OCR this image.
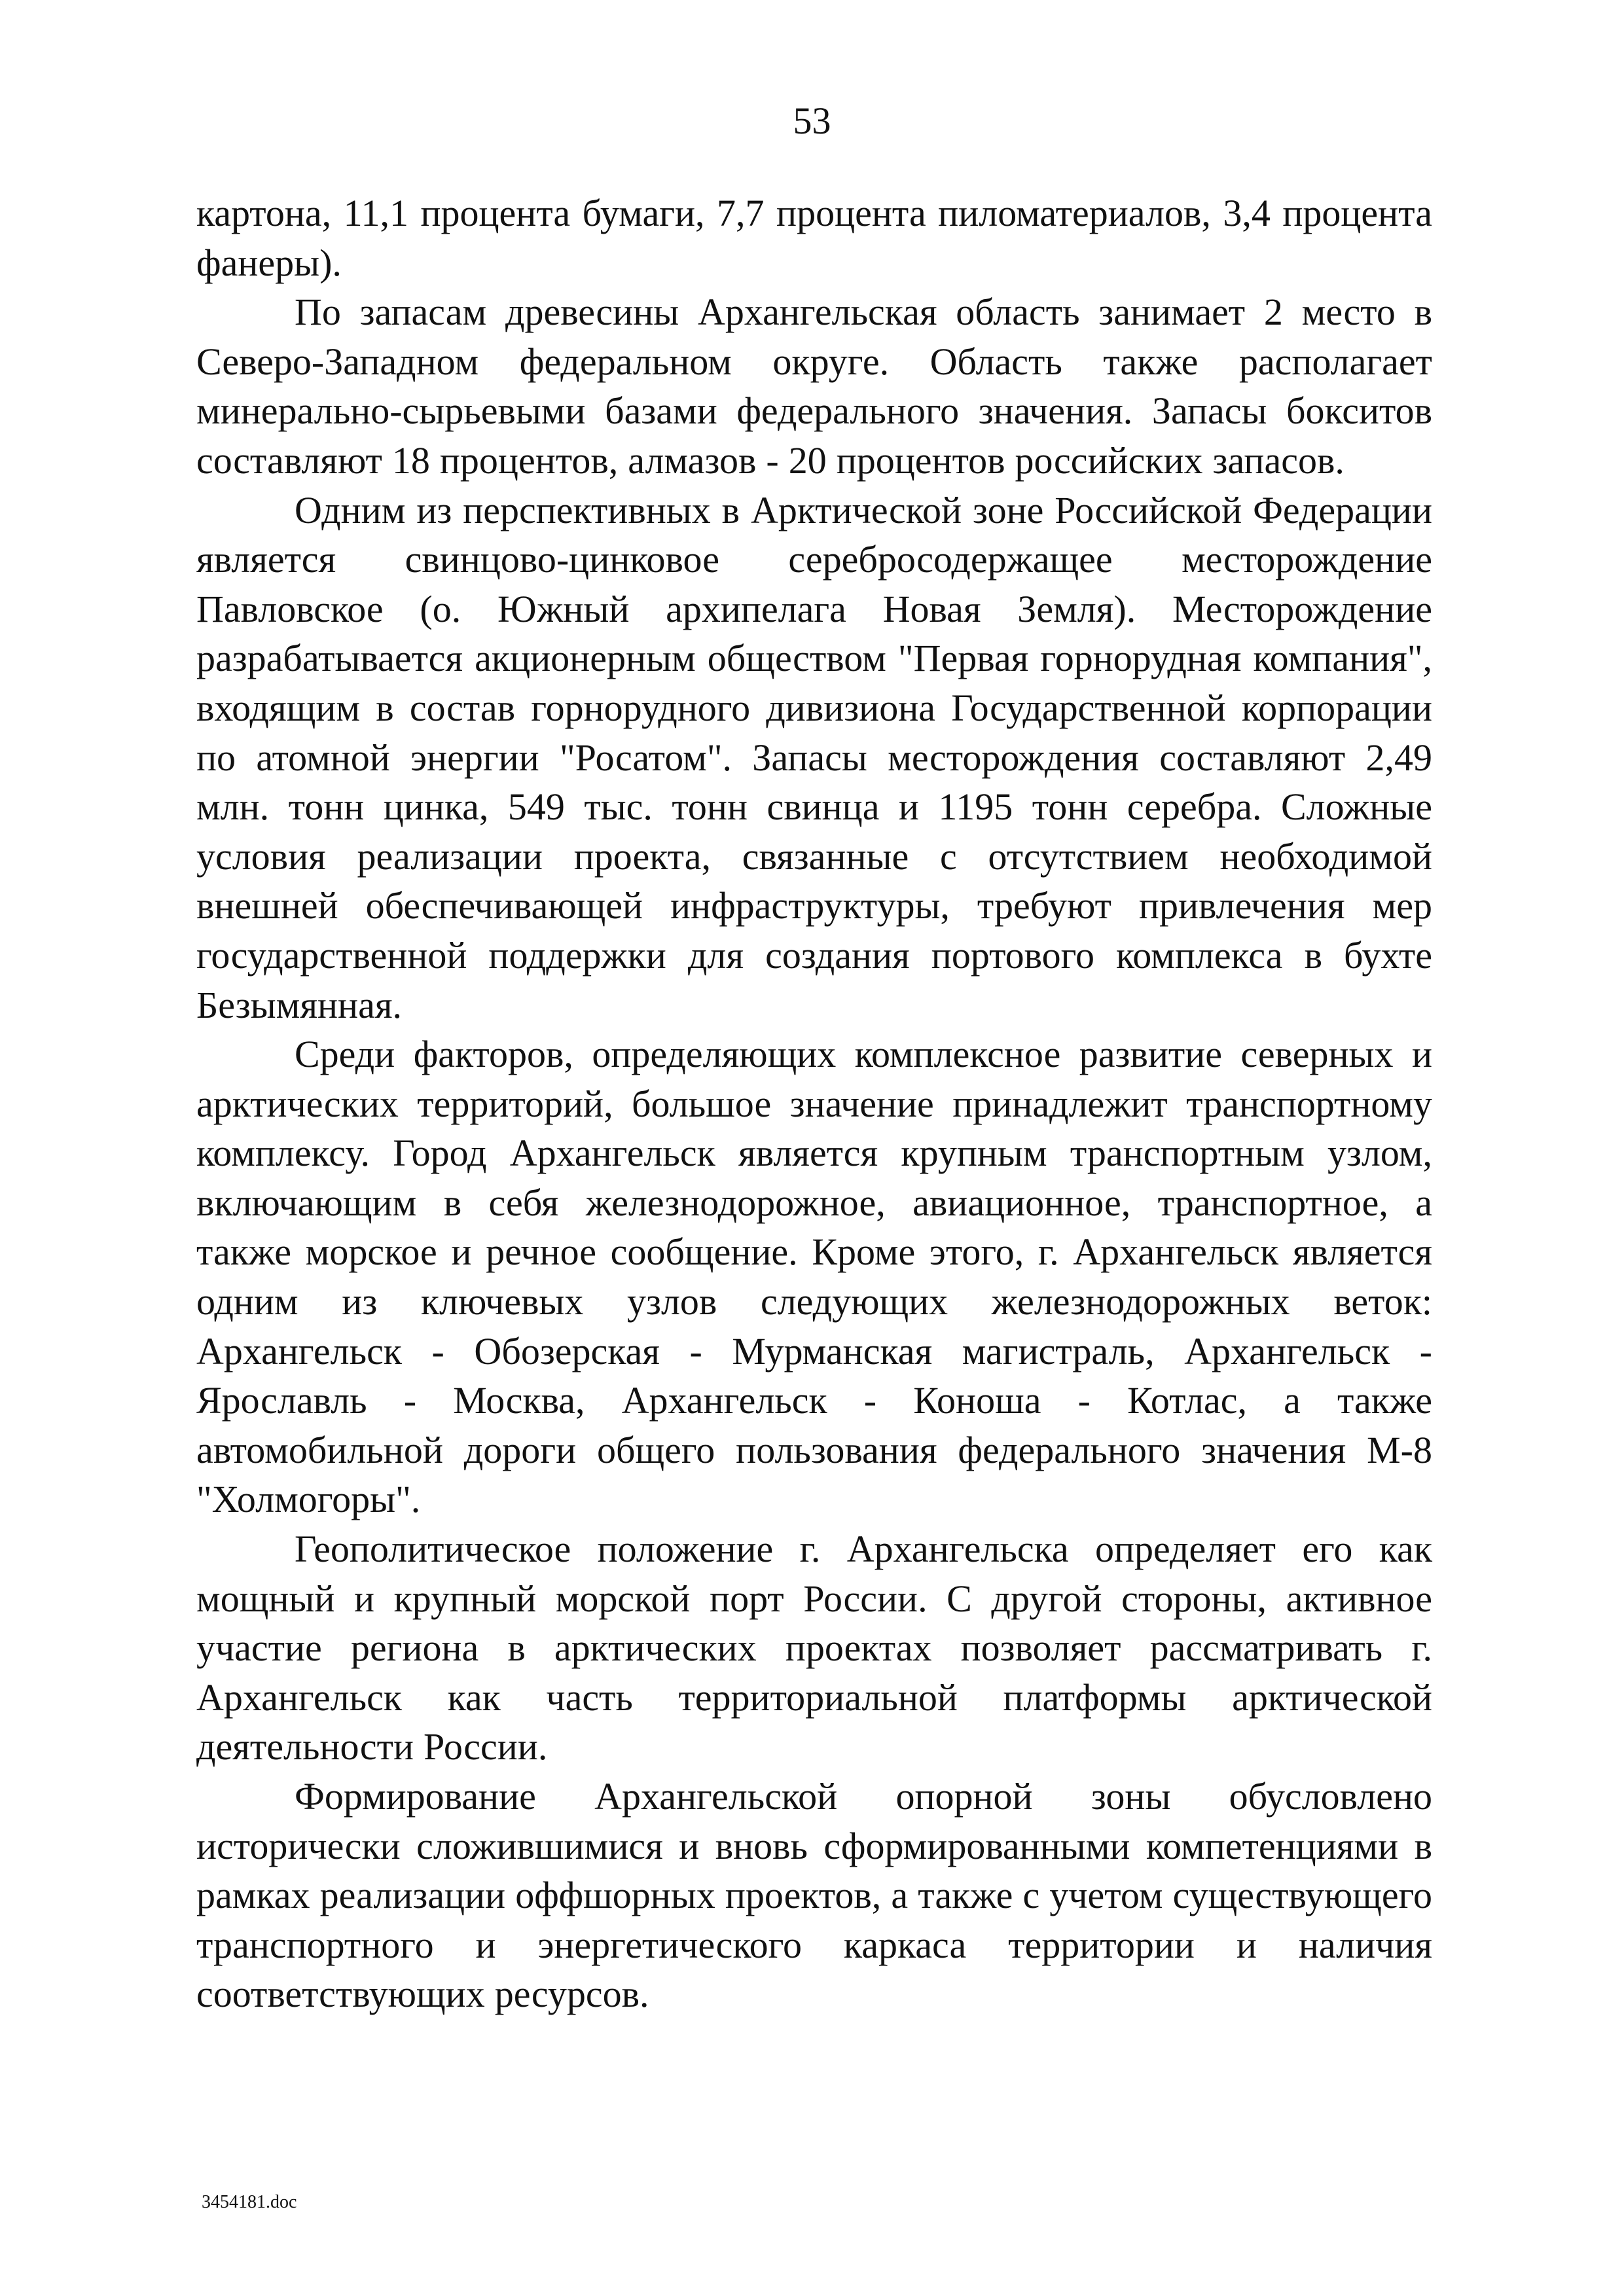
53

картона, 11,1 процента бумаги, 7,7 процента пиломатериалов, 3,4 процента фанеры).

По запасам древесины Архангельская область занимает 2 место в Северо-Западном федеральном округе. Область также располагает минерально-сырьевыми базами федерального значения. Запасы бокситов составляют 18 процентов, алмазов - 20 процентов российских запасов.

Одним из перспективных в Арктической зоне Российской Федерации является свинцово-цинковое серебросодержащее месторождение Павловское (о. Южный архипелага Новая Земля). Месторождение разрабатывается акционерным обществом "Первая горнорудная компания", входящим в состав горнорудного дивизиона Государственной корпорации по атомной энергии "Росатом". Запасы месторождения составляют 2,49 млн. тонн цинка, 549 тыс. тонн свинца и 1195 тонн серебра. Сложные условия реализации проекта, связанные с отсутствием необходимой внешней обеспечивающей инфраструктуры, требуют привлечения мер государственной поддержки для создания портового комплекса в бухте Безымянная.

Среди факторов, определяющих комплексное развитие северных и арктических территорий, большое значение принадлежит транспортному комплексу. Город Архангельск является крупным транспортным узлом, включающим в себя железнодорожное, авиационное, транспортное, а также морское и речное сообщение. Кроме этого, г. Архангельск является одним из ключевых узлов следующих железнодорожных веток: Архангельск - Обозерская - Мурманская магистраль, Архангельск - Ярославль - Москва, Архангельск - Коноша - Котлас, а также автомобильной дороги общего пользования федерального значения М-8 "Холмогоры".

Геополитическое положение г. Архангельска определяет его как мощный и крупный морской порт России. С другой стороны, активное участие региона в арктических проектах позволяет рассматривать г. Архангельск как часть территориальной платформы арктической деятельности России.

Формирование Архангельской опорной зоны обусловлено исторически сложившимися и вновь сформированными компетенциями в рамках реализации оффшорных проектов, а также с учетом существующего транспортного и энергетического каркаса территории и наличия соответствующих ресурсов.

3454181.doc
